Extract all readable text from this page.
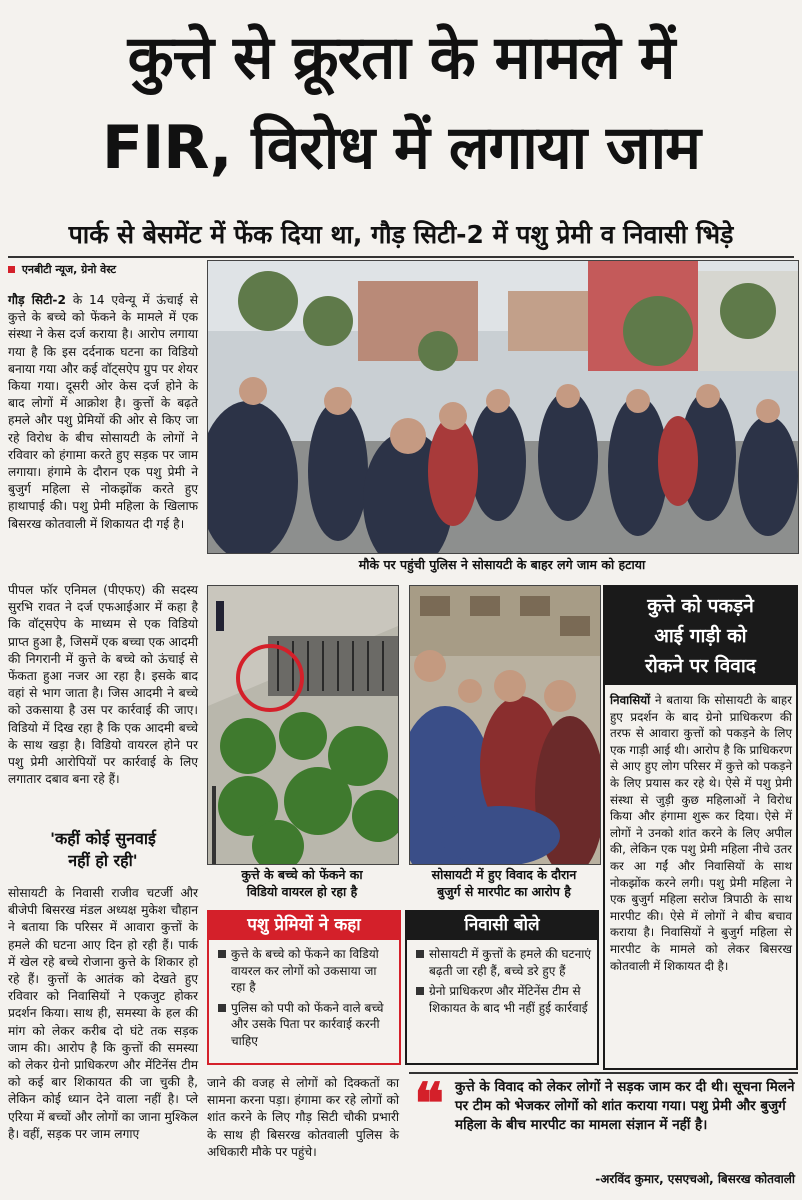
कुत्ते से क्रूरता के मामले में
FIR, विरोध में लगाया जाम
पार्क से बेसमेंट में फेंक दिया था, गौड़ सिटी-2 में पशु प्रेमी व निवासी भिड़े
एनबीटी न्यूज, ग्रेनो वेस्ट
गौड़ सिटी-2 के 14 एवेन्यू में ऊंचाई से कुत्ते के बच्चे को फेंकने के मामले में एक संस्था ने केस दर्ज कराया है। आरोप लगाया गया है कि इस दर्दनाक घटना का विडियो बनाया गया और कई वॉट्सऐप ग्रुप पर शेयर किया गया। दूसरी ओर केस दर्ज होने के बाद लोगों में आक्रोश है। कुत्तों के बढ़ते हमले और पशु प्रेमियों की ओर से किए जा रहे विरोध के बीच सोसायटी के लोगों ने रविवार को हंगामा करते हुए सड़क पर जाम लगाया। हंगामे के दौरान एक पशु प्रेमी ने बुजुर्ग महिला से नोकझोंक करते हुए हाथापाई की। पशु प्रेमी महिला के खिलाफ बिसरख कोतवाली में शिकायत दी गई है।
पीपल फॉर एनिमल (पीएफए) की सदस्य सुरभि रावत ने दर्ज एफआईआर में कहा है कि वॉट्सऐप के माध्यम से एक विडियो प्राप्त हुआ है, जिसमें एक बच्चा एक आदमी की निगरानी में कुत्ते के बच्चे को ऊंचाई से फेंकता हुआ नजर आ रहा है। इसके बाद वहां से भाग जाता है। जिस आदमी ने बच्चे को उकसाया है उस पर कार्रवाई की जाए। विडियो में दिख रहा है कि एक आदमी बच्चे के साथ खड़ा है। विडियो वायरल होने पर पशु प्रेमी आरोपियों पर कार्रवाई के लिए लगातार दबाव बना रहे हैं।
'कहीं कोई सुनवाई
नहीं हो रही'
सोसायटी के निवासी राजीव चटर्जी और बीजेपी बिसरख मंडल अध्यक्ष मुकेश चौहान ने बताया कि परिसर में आवारा कुत्तों के हमले की घटना आए दिन हो रही हैं। पार्क में खेल रहे बच्चे रोजाना कुत्ते के शिकार हो रहे हैं। कुत्तों के आतंक को देखते हुए रविवार को निवासियों ने एकजुट होकर प्रदर्शन किया। साथ ही, समस्या के हल की मांग को लेकर करीब दो घंटे तक सड़क जाम की। आरोप है कि कुत्तों की समस्या को लेकर ग्रेनो प्राधिकरण और मेंटिनेंस टीम को कई बार शिकायत की जा चुकी है, लेकिन कोई ध्यान देने वाला नहीं है। प्ले एरिया में बच्चों और लोगों का जाना मुश्किल है। वहीं, सड़क पर जाम लगाए
मौके पर पहुंची पुलिस ने सोसायटी के बाहर लगे जाम को हटाया
कुत्ते के बच्चे को फेंकने का
विडियो वायरल हो रहा है
सोसायटी में हुए विवाद के दौरान
बुजुर्ग से मारपीट का आरोप है
कुत्ते को पकड़ने
आई गाड़ी को
रोकने पर विवाद
निवासियों ने बताया कि सोसायटी के बाहर हुए प्रदर्शन के बाद ग्रेनो प्राधिकरण की तरफ से आवारा कुत्तों को पकड़ने के लिए एक गाड़ी आई थी। आरोप है कि प्राधिकरण से आए हुए लोग परिसर में कुत्ते को पकड़ने के लिए प्रयास कर रहे थे। ऐसे में पशु प्रेमी संस्था से जुड़ी कुछ महिलाओं ने विरोध किया और हंगामा शुरू कर दिया। ऐसे में लोगों ने उनको शांत करने के लिए अपील की, लेकिन एक पशु प्रेमी महिला नीचे उतर कर आ गईं और निवासियों के साथ नोकझोंक करने लगी। पशु प्रेमी महिला ने एक बुजुर्ग महिला सरोज त्रिपाठी के साथ मारपीट की। ऐसे में लोगों ने बीच बचाव कराया है। निवासियों ने बुजुर्ग महिला से मारपीट के मामले को लेकर बिसरख कोतवाली में शिकायत दी है।
पशु प्रेमियों ने कहा
कुत्ते के बच्चे को फेंकने का विडियो वायरल कर लोगों को उकसाया जा रहा है
पुलिस को पपी को फेंकने वाले बच्चे और उसके पिता पर कार्रवाई करनी चाहिए
निवासी बोले
सोसायटी में कुत्तों के हमले की घटनाएं बढ़ती जा रही हैं, बच्चे डरे हुए हैं
ग्रेनो प्राधिकरण और मेंटिनेंस टीम से शिकायत के बाद भी नहीं हुई कार्रवाई
जाने की वजह से लोगों को दिक्कतों का सामना करना पड़ा। हंगामा कर रहे लोगों को शांत करने के लिए गौड़ सिटी चौकी प्रभारी के साथ ही बिसरख कोतवाली पुलिस के अधिकारी मौके पर पहुंचे।
❝ कुत्ते के विवाद को लेकर लोगों ने सड़क जाम कर दी थी। सूचना मिलने पर टीम को भेजकर लोगों को शांत कराया गया। पशु प्रेमी और बुजुर्ग महिला के बीच मारपीट का मामला संज्ञान में नहीं है।
-अरविंद कुमार, एसएचओ, बिसरख कोतवाली
